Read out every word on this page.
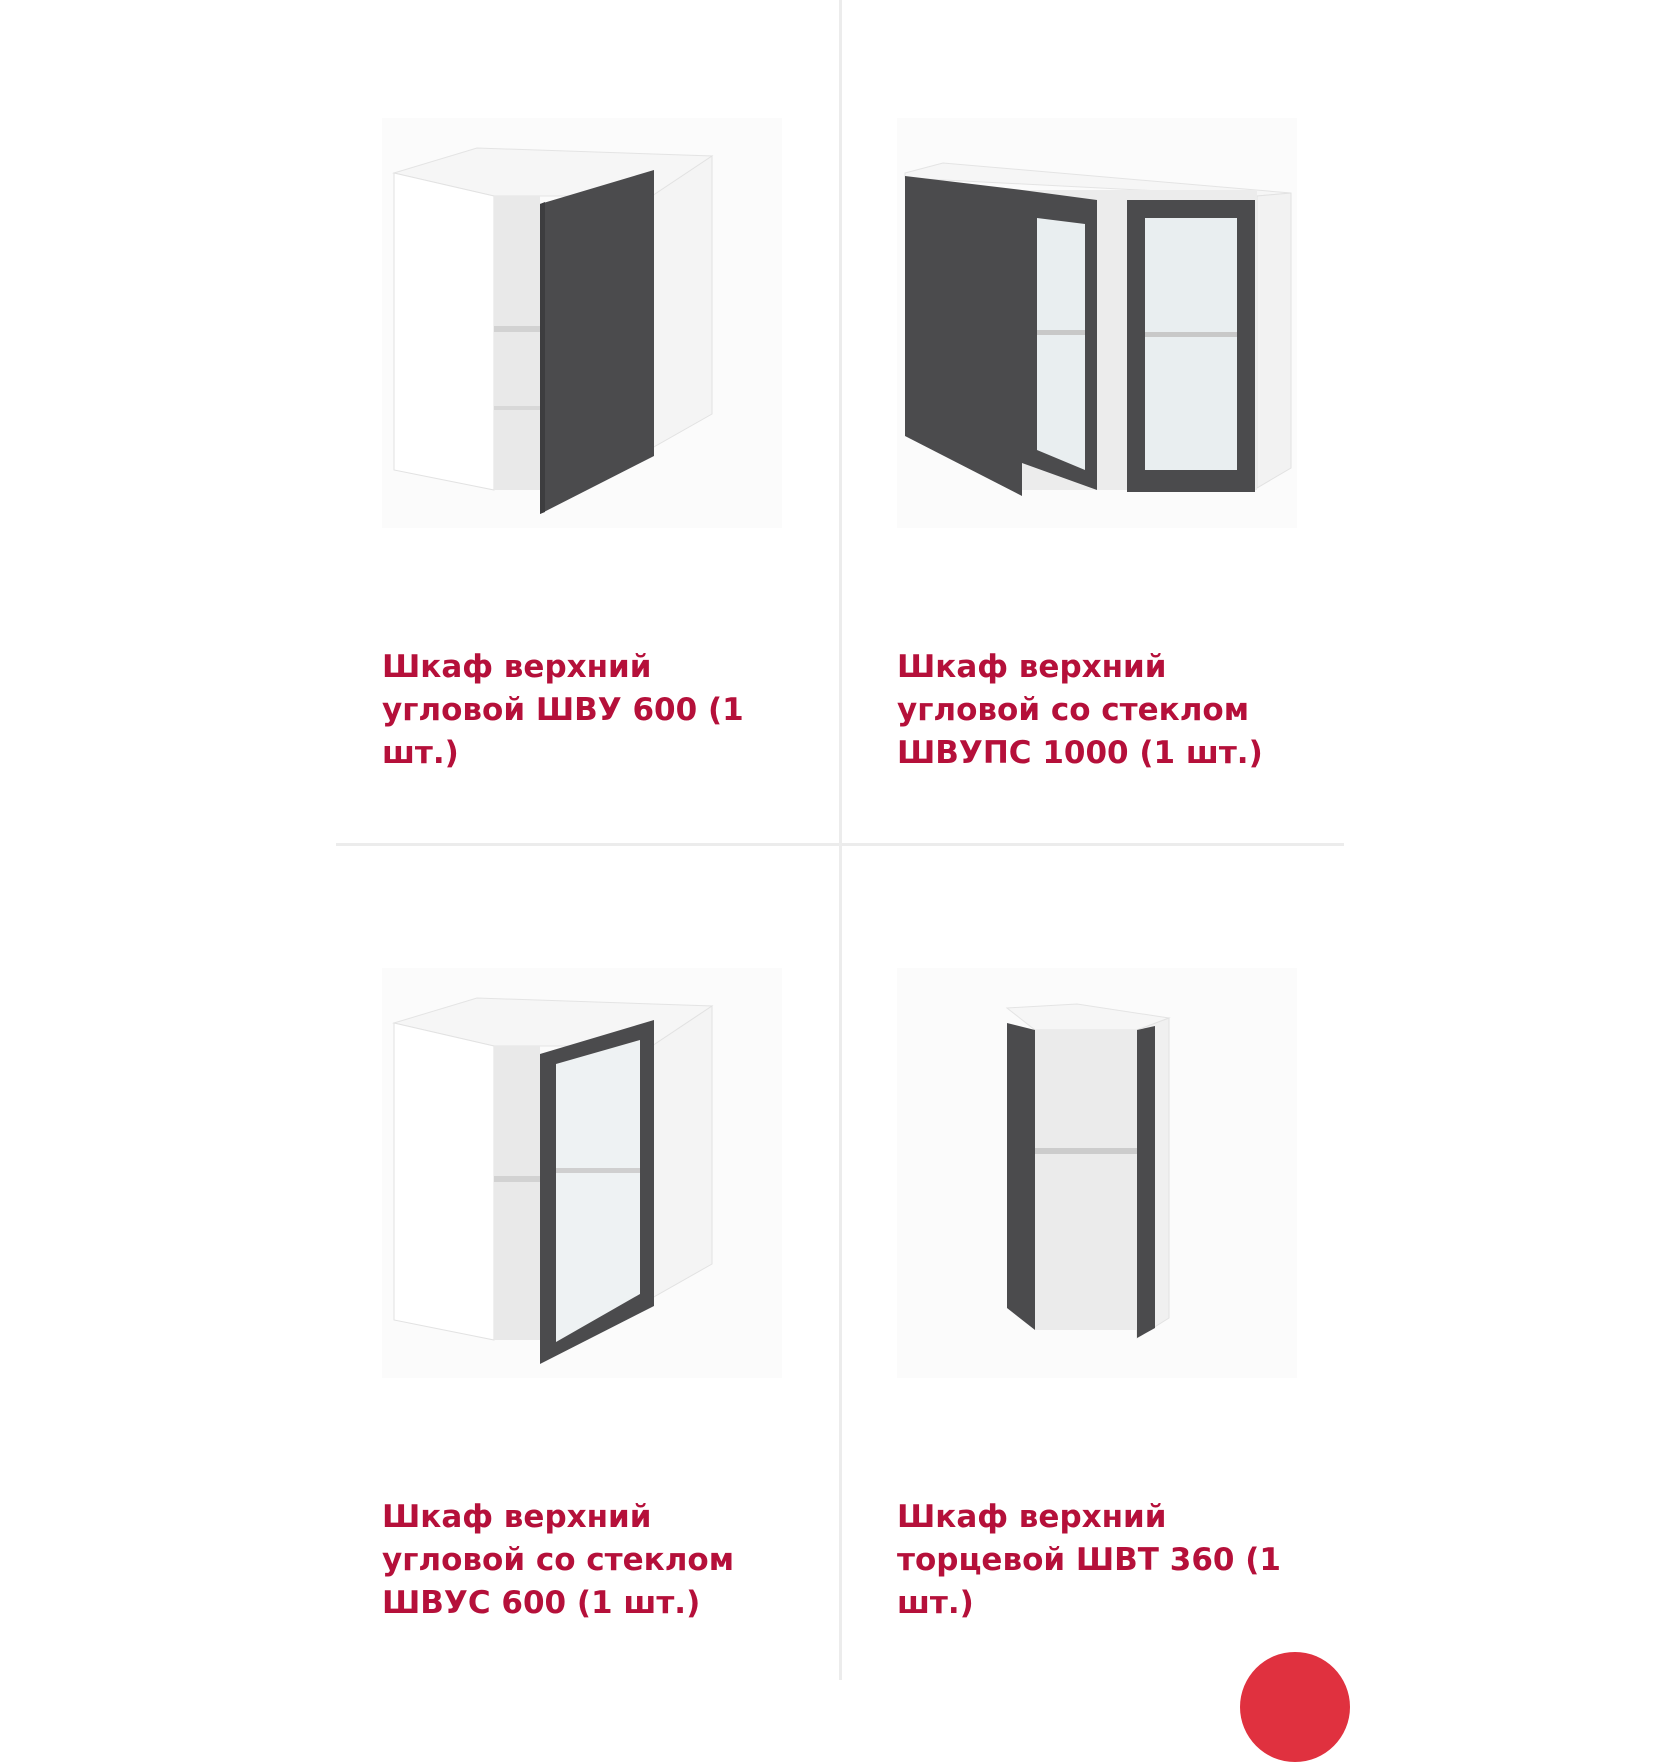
Шкаф верхний угловой ШВУ 600 (1 шт.)

Шкаф верхний угловой со стеклом ШВУПС 1000 (1 шт.)

Шкаф верхний угловой со стеклом ШВУС 600 (1 шт.)

Шкаф верхний торцевой ШВТ 360 (1 шт.)
